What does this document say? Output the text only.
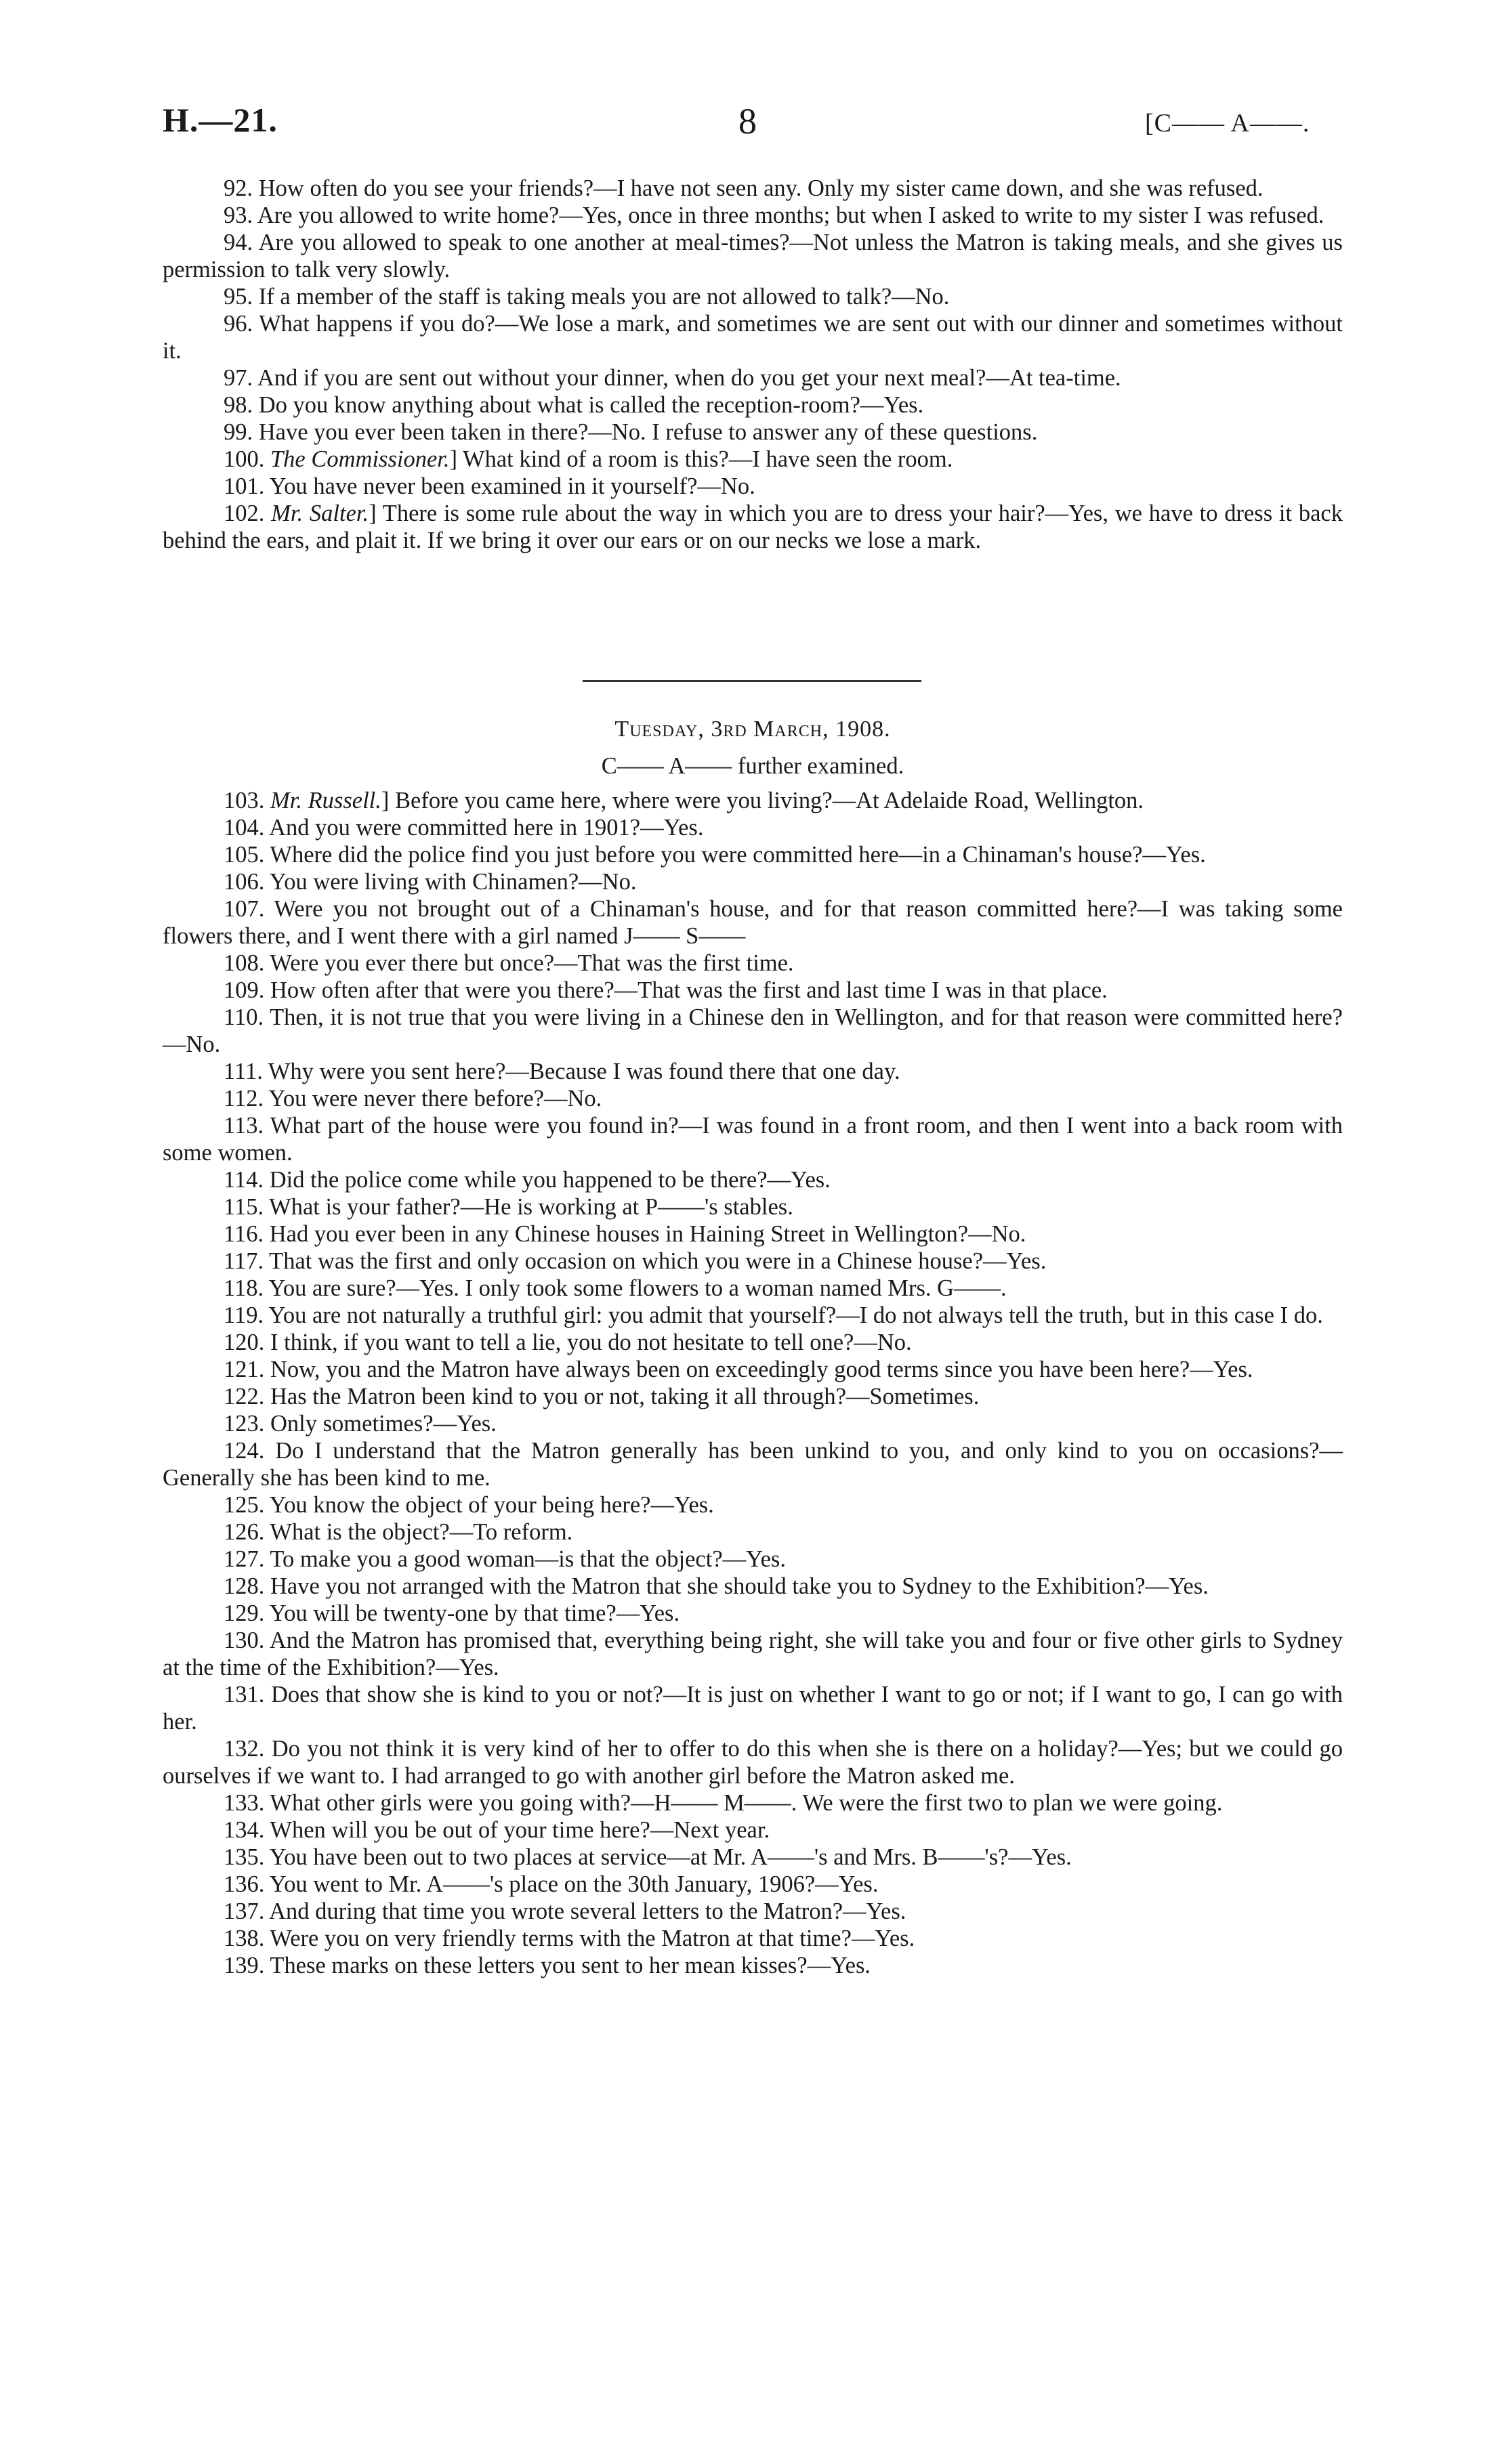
H.—21.	8	[C—— A——.

92. How often do you see your friends?—I have not seen any. Only my sister came down, and she was refused.

93. Are you allowed to write home?—Yes, once in three months; but when I asked to write to my sister I was refused.

94. Are you allowed to speak to one another at meal-times?—Not unless the Matron is taking meals, and she gives us permission to talk very slowly.

95. If a member of the staff is taking meals you are not allowed to talk?—No.

96. What happens if you do?—We lose a mark, and sometimes we are sent out with our dinner and sometimes without it.

97. And if you are sent out without your dinner, when do you get your next meal?—At tea-time.

98. Do you know anything about what is called the reception-room?—Yes.

99. Have you ever been taken in there?—No. I refuse to answer any of these questions.

100. The Commissioner.] What kind of a room is this?—I have seen the room.

101. You have never been examined in it yourself?—No.

102. Mr. Salter.] There is some rule about the way in which you are to dress your hair?—Yes, we have to dress it back behind the ears, and plait it. If we bring it over our ears or on our necks we lose a mark.

Tuesday, 3rd March, 1908.
C—— A—— further examined.

103. Mr. Russell.] Before you came here, where were you living?—At Adelaide Road, Wellington.

104. And you were committed here in 1901?—Yes.

105. Where did the police find you just before you were committed here—in a Chinaman's house?—Yes.

106. You were living with Chinamen?—No.

107. Were you not brought out of a Chinaman's house, and for that reason committed here?—I was taking some flowers there, and I went there with a girl named J—— S——

108. Were you ever there but once?—That was the first time.

109. How often after that were you there?—That was the first and last time I was in that place.

110. Then, it is not true that you were living in a Chinese den in Wellington, and for that reason were committed here?—No.

111. Why were you sent here?—Because I was found there that one day.

112. You were never there before?—No.

113. What part of the house were you found in?—I was found in a front room, and then I went into a back room with some women.

114. Did the police come while you happened to be there?—Yes.

115. What is your father?—He is working at P——'s stables.

116. Had you ever been in any Chinese houses in Haining Street in Wellington?—No.

117. That was the first and only occasion on which you were in a Chinese house?—Yes.

118. You are sure?—Yes. I only took some flowers to a woman named Mrs. G——.

119. You are not naturally a truthful girl: you admit that yourself?—I do not always tell the truth, but in this case I do.

120. I think, if you want to tell a lie, you do not hesitate to tell one?—No.

121. Now, you and the Matron have always been on exceedingly good terms since you have been here?—Yes.

122. Has the Matron been kind to you or not, taking it all through?—Sometimes.

123. Only sometimes?—Yes.

124. Do I understand that the Matron generally has been unkind to you, and only kind to you on occasions?—Generally she has been kind to me.

125. You know the object of your being here?—Yes.

126. What is the object?—To reform.

127. To make you a good woman—is that the object?—Yes.

128. Have you not arranged with the Matron that she should take you to Sydney to the Exhibition?—Yes.

129. You will be twenty-one by that time?—Yes.

130. And the Matron has promised that, everything being right, she will take you and four or five other girls to Sydney at the time of the Exhibition?—Yes.

131. Does that show she is kind to you or not?—It is just on whether I want to go or not; if I want to go, I can go with her.

132. Do you not think it is very kind of her to offer to do this when she is there on a holiday?—Yes; but we could go ourselves if we want to. I had arranged to go with another girl before the Matron asked me.

133. What other girls were you going with?—H—— M——. We were the first two to plan we were going.

134. When will you be out of your time here?—Next year.

135. You have been out to two places at service—at Mr. A——'s and Mrs. B——'s?—Yes.

136. You went to Mr. A——'s place on the 30th January, 1906?—Yes.

137. And during that time you wrote several letters to the Matron?—Yes.

138. Were you on very friendly terms with the Matron at that time?—Yes.

139. These marks on these letters you sent to her mean kisses?—Yes.
